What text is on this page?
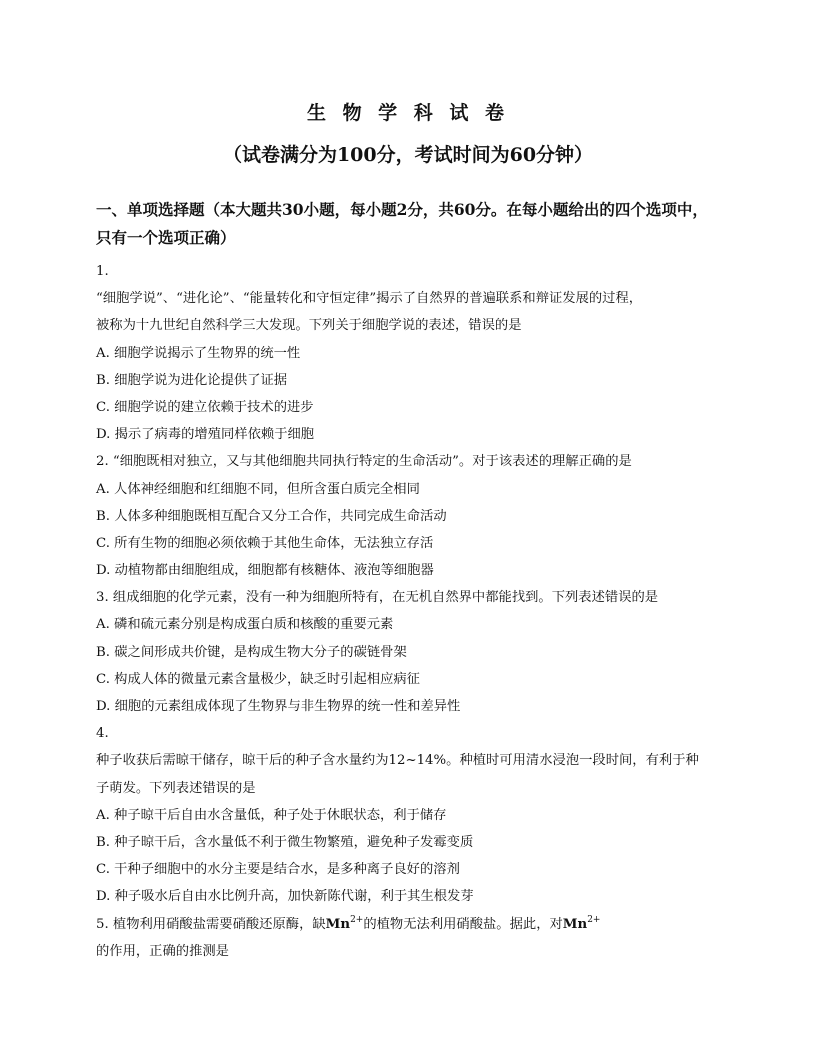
生 物 学 科 试 卷
（试卷满分为100分，考试时间为60分钟）
一、单项选择题（本大题共30小题，每小题2分，共60分。在每小题给出的四个选项中，
只有一个选项正确）
1.
“细胞学说”、“进化论”、“能量转化和守恒定律”揭示了自然界的普遍联系和辩证发展的过程，
被称为十九世纪自然科学三大发现。下列关于细胞学说的表述，错误的是
A. 细胞学说揭示了生物界的统一性
B. 细胞学说为进化论提供了证据
C. 细胞学说的建立依赖于技术的进步
D. 揭示了病毒的增殖同样依赖于细胞
2. “细胞既相对独立，又与其他细胞共同执行特定的生命活动”。对于该表述的理解正确的是
A. 人体神经细胞和红细胞不同，但所含蛋白质完全相同
B. 人体多种细胞既相互配合又分工合作，共同完成生命活动
C. 所有生物的细胞必须依赖于其他生命体，无法独立存活
D. 动植物都由细胞组成，细胞都有核糖体、液泡等细胞器
3. 组成细胞的化学元素，没有一种为细胞所特有，在无机自然界中都能找到。下列表述错误的是
A. 磷和硫元素分别是构成蛋白质和核酸的重要元素
B. 碳之间形成共价键，是构成生物大分子的碳链骨架
C. 构成人体的微量元素含量极少，缺乏时引起相应病征
D. 细胞的元素组成体现了生物界与非生物界的统一性和差异性
4.
种子收获后需晾干储存，晾干后的种子含水量约为12~14%。种植时可用清水浸泡一段时间，有利于种
子萌发。下列表述错误的是
A. 种子晾干后自由水含量低，种子处于休眠状态，利于储存
B. 种子晾干后，含水量低不利于微生物繁殖，避免种子发霉变质
C. 干种子细胞中的水分主要是结合水，是多种离子良好的溶剂
D. 种子吸水后自由水比例升高，加快新陈代谢，利于其生根发芽
5. 植物利用硝酸盐需要硝酸还原酶，缺$Mn^{2+}$的植物无法利用硝酸盐。据此，对$Mn^{2+}$
的作用，正确的推测是
